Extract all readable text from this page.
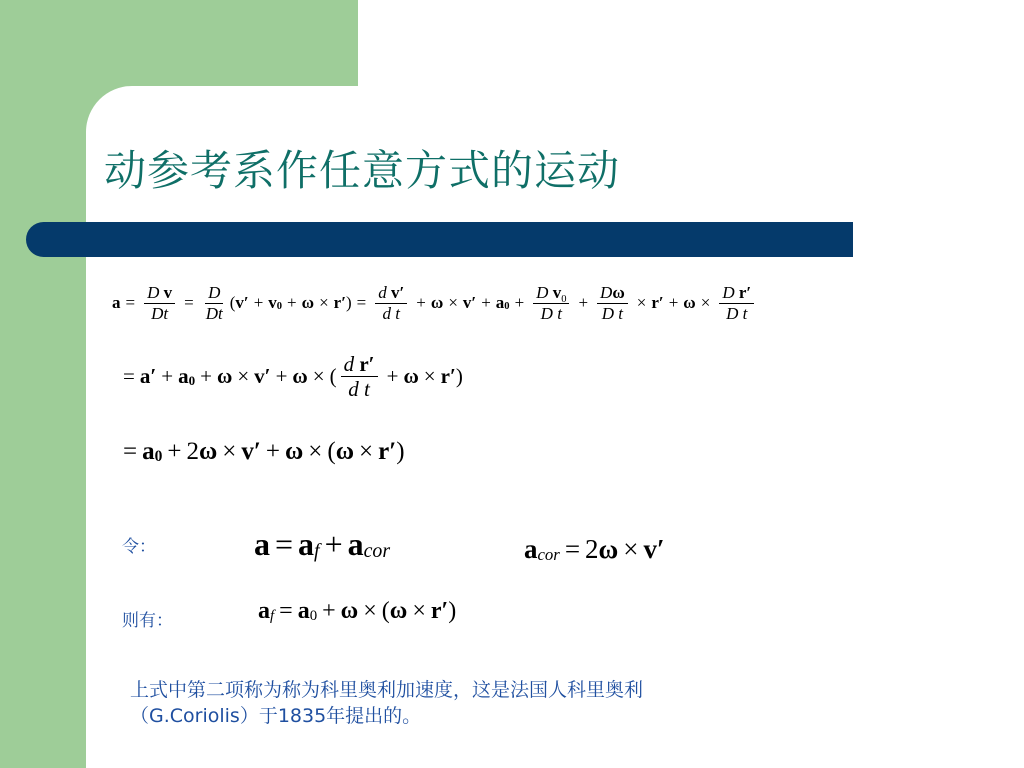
动参考系作任意方式的运动
$a = \frac{\text{D v}}{Dt} = \frac{D}{Dt}$ ( v′ + v 0 + ω × r′ ) = $\frac{\text{d v′}}{\text{d t}} + \omega \times v' + a$ $0 + \frac{D v_0}{\text{D t}} + \frac{D\omega}{\text{D t}} \times r' + \omega \times \frac{\text{D r′}}{\text{D t}}$
= a′ + a 0 + ω × v′ + ω × ( $\frac{\text{d r′}}{\text{d t}} + \omega \times r'$ )
= a 0 + 2 ω × v′ + ω × ( ω × r′ )
令：	a = a f + a cor	a cor = 2 ω × v′
则有：	a f = a 0 + ω × ( ω × r′ )
上式中第二项称为称为科里奥利加速度，这是法国人科里奥利
（G.Coriolis）于1835年提出的。
